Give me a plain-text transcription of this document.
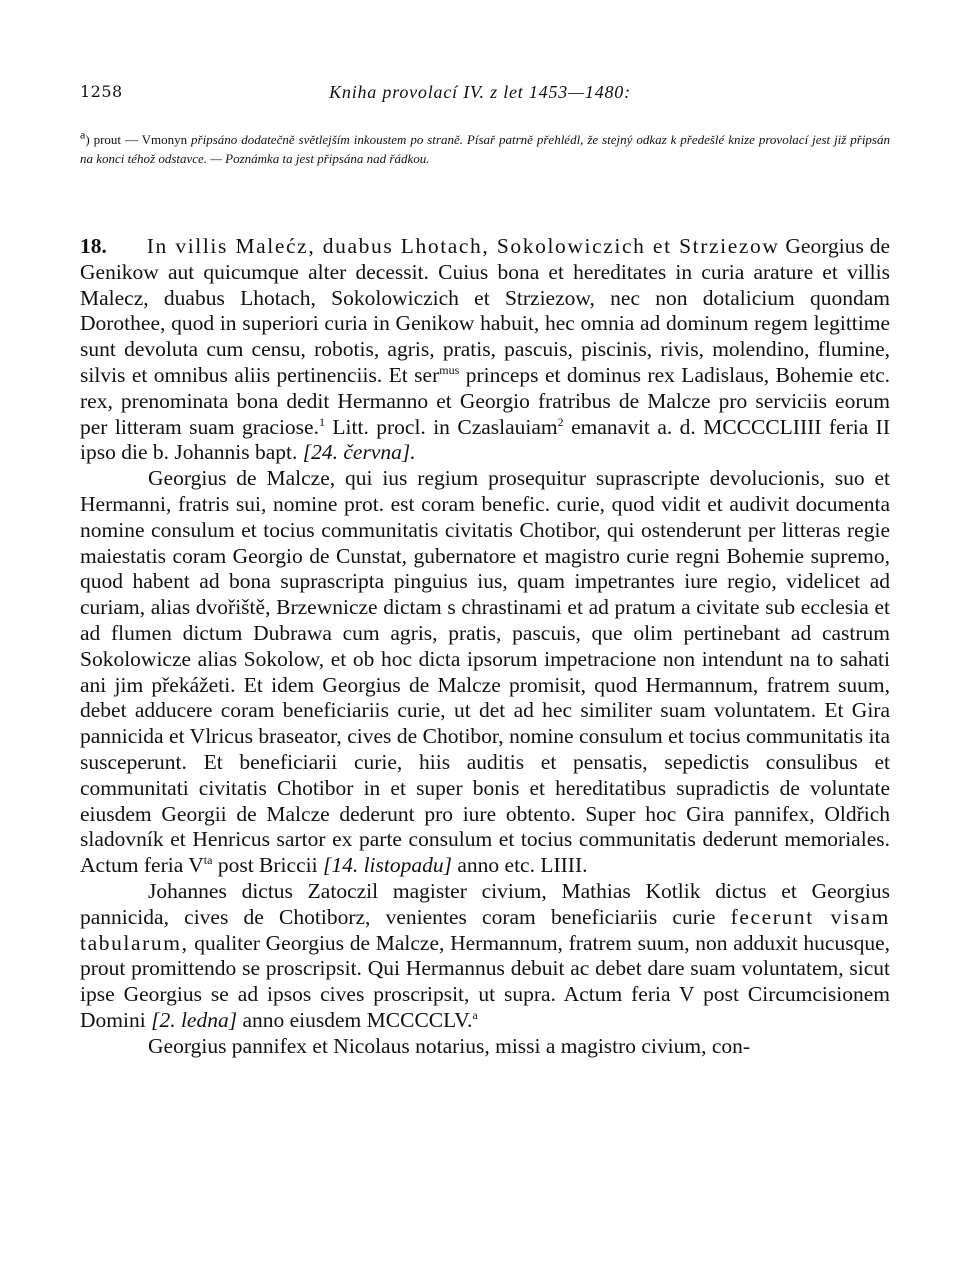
1258	Kniha provolací IV. z let 1453—1480:
$^a$) prout — Vmonyn připsáno dodatečně světlejším inkoustem po straně. Písař patrně přehlédl, že stejný odkaz k předešlé knize provolací jest již připsán na konci téhož odstavce. — Poznámka ta jest připsána nad řádkou.

18. In villis Malećz, duabus Lhotach, Sokolowiczich et Strziezow Georgius de Genikow aut quicumque alter decessit. Cuius bona et hereditates in curia arature et villis Malecz, duabus Lhotach, Sokolowiczich et Strziezow, nec non dotalicium quondam Dorothee, quod in superiori curia in Genikow habuit, hec omnia ad dominum regem legittime sunt devoluta cum censu, robotis, agris, pratis, pascuis, piscinis, rivis, molendino, flumine, silvis et omnibus aliis pertinenciis. Et ser$^{mus}$ princeps et dominus rex Ladislaus, Bohemie etc. rex, prenominata bona dedit Hermanno et Georgio fratribus de Malcze pro serviciis eorum per litteram suam graciose.$^1$ Litt. procl. in Czaslauiam$^2$ emanavit a. d. MCCCCLIIII feria II ipso die b. Johannis bapt. [24. června].

Georgius de Malcze, qui ius regium prosequitur suprascripte devolucionis, suo et Hermanni, fratris sui, nomine prot. est coram benefic. curie, quod vidit et audivit documenta nomine consulum et tocius communitatis civitatis Chotibor, qui ostenderunt per litteras regie maiestatis coram Georgio de Cunstat, gubernatore et magistro curie regni Bohemie supremo, quod habent ad bona suprascripta pinguius ius, quam impetrantes iure regio, videlicet ad curiam, alias dvořiště, Brzewnicze dictam s chrastinami et ad pratum a civitate sub ecclesia et ad flumen dictum Dubrawa cum agris, pratis, pascuis, que olim pertinebant ad castrum Sokolowicze alias Sokolow, et ob hoc dicta ipsorum impetracione non intendunt na to sahati ani jim překážeti. Et idem Georgius de Malcze promisit, quod Hermannum, fratrem suum, debet adducere coram beneficiariis curie, ut det ad hec similiter suam voluntatem. Et Gira pannicida et Vlricus braseator, cives de Chotibor, nomine consulum et tocius communitatis ita susceperunt. Et beneficiarii curie, hiis auditis et pensatis, sepedictis consulibus et communitati civitatis Chotibor in et super bonis et hereditatibus supradictis de voluntate eiusdem Georgii de Malcze dederunt pro iure obtento. Super hoc Gira pannifex, Oldřich sladovník et Henricus sartor ex parte consulum et tocius communitatis dederunt memoriales. Actum feria $V^{ta}$ post Briccii [14. listopadu] anno etc. LIIII.

Johannes dictus Zatoczil magister civium, Mathias Kotlik dictus et Georgius pannicida, cives de Chotiborz, venientes coram beneficiariis curie fecerunt visam tabularum, qualiter Georgius de Malcze, Hermannum, fratrem suum, non adduxit hucusque, prout promittendo se proscripsit. Qui Hermannus debuit ac debet dare suam voluntatem, sicut ipse Georgius se ad ipsos cives proscripsit, ut supra. Actum feria V post Circumcisionem Domini [2. ledna] anno eiusdem MCCCCLV.$^a$

Georgius pannifex et Nicolaus notarius, missi a magistro civium, con-
